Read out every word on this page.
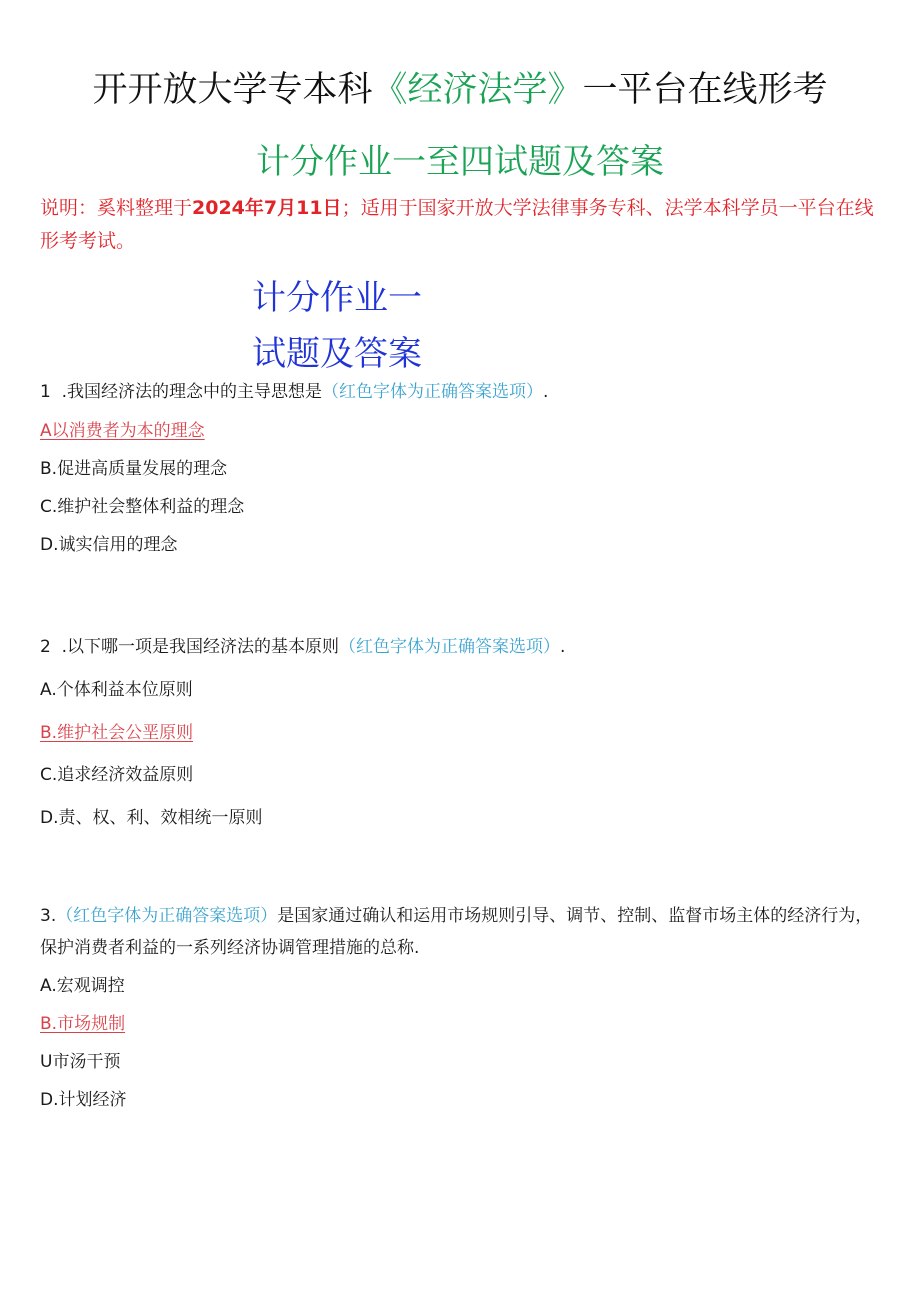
开开放大学专本科《经济法学》一平台在线形考
计分作业一至四试题及答案
说明：奚料整理于2024年7月11日；适用于国家开放大学法律事务专科、法学本科学员一平台在线形考考试。
计分作业一
试题及答案
1  .我国经济法的理念中的主导思想是（红色字体为正确答案选项）.
A以消费者为本的理念
B.促进高质量发展的理念
C.维护社会整体利益的理念
D.诚实信用的理念
2  .以下哪一项是我国经济法的基本原则（红色字体为正确答案选项）.
A.个体利益本位原则
B.维护社会公垩原则
C.追求经济效益原则
D.责、权、利、效相统一原则
3.（红色字体为正确答案选项）是国家通过确认和运用市场规则引导、调节、控制、监督市场主体的经济行为，保护消费者利益的一系列经济协调管理措施的总称.
A.宏观调控
B.市场规制
U市汤干预
D.计划经济
